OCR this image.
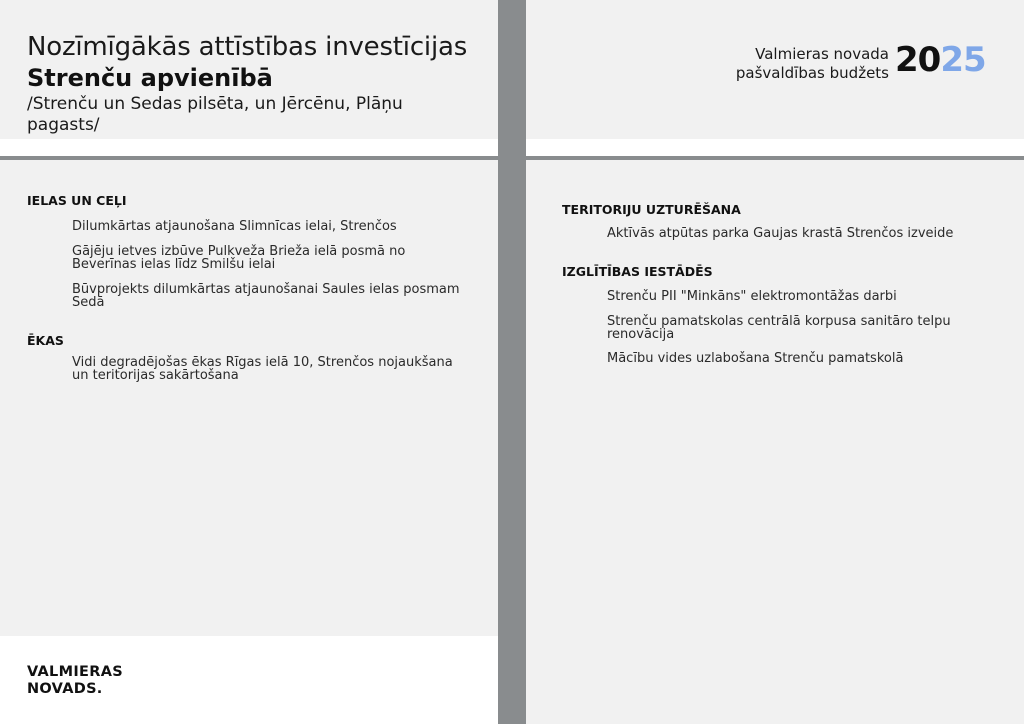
Nozīmīgākās attīstības investīcijas
Strenču apvienībā
/Strenču un Sedas pilsēta, un Jērcēnu, Plāņu pagasts/
Valmieras novada
pašvaldības budžets 2025
IELAS UN CEĻI
Dilumkārtas atjaunošana Slimnīcas ielai, Strenčos
Gājēju ietves izbūve Pulkveža Brieža ielā posmā no Beverīnas ielas līdz Smilšu ielai
Būvprojekts dilumkārtas atjaunošanai Saules ielas posmam Sedā
ĒKAS
Vidi degradējošas ēkas Rīgas ielā 10, Strenčos nojaukšana un teritorijas sakārtošana
TERITORIJU UZTURĒŠANA
Aktīvās atpūtas parka Gaujas krastā Strenčos izveide
IZGLĪTĪBAS IESTĀDĒS
Strenču PII "Minkāns" elektromontāžas darbi
Strenču pamatskolas centrālā korpusa sanitāro telpu renovācija
Mācību vides uzlabošana Strenču pamatskolā
VALMIERAS
NOVADS.
